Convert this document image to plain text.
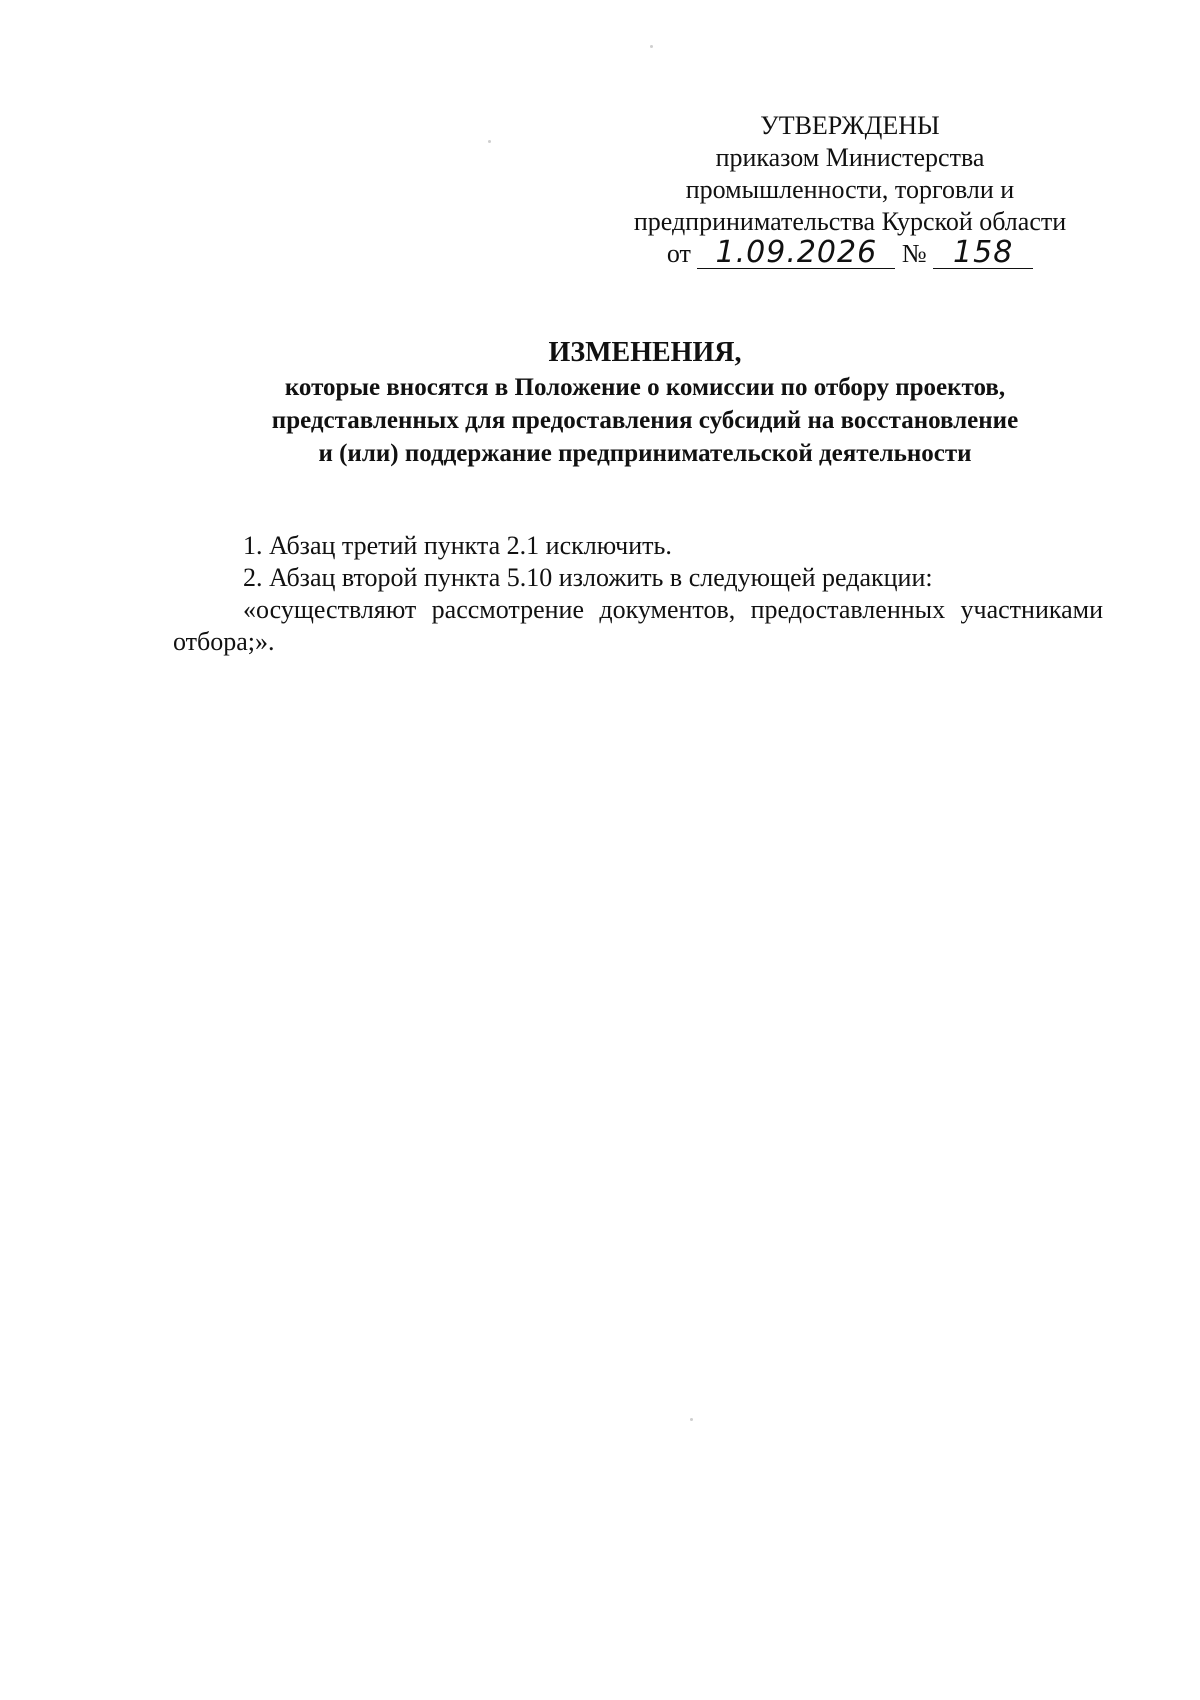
УТВЕРЖДЕНЫ
приказом Министерства
промышленности, торговли и
предпринимательства Курской области
от 1.09.2026 № 158
ИЗМЕНЕНИЯ,
которые вносятся в Положение о комиссии по отбору проектов,
представленных для предоставления субсидий на восстановление
и (или) поддержание предпринимательской деятельности

1. Абзац третий пункта 2.1 исключить.

2. Абзац второй пункта 5.10 изложить в следующей редакции:

«осуществляют рассмотрение документов, предоставленных участниками отбора;».
